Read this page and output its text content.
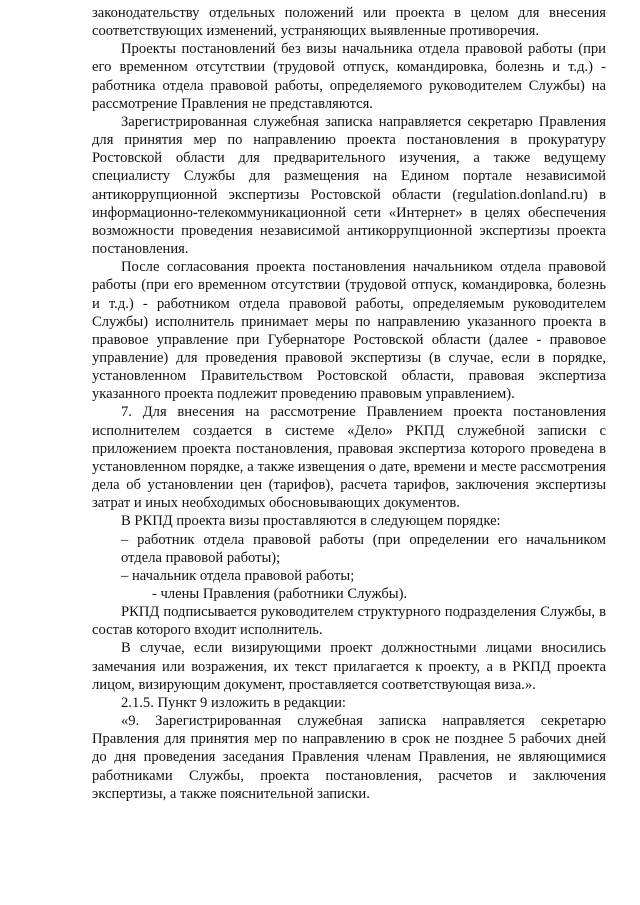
законодательству отдельных положений или проекта в целом для внесения соответствующих изменений, устраняющих выявленные противоречия.

Проекты постановлений без визы начальника отдела правовой работы (при его временном отсутствии (трудовой отпуск, командировка, болезнь и т.д.) - работника отдела правовой работы, определяемого руководителем Службы) на рассмотрение Правления не представляются.

Зарегистрированная служебная записка направляется секретарю Правления для принятия мер по направлению проекта постановления в прокуратуру Ростовской области для предварительного изучения, а также ведущему специалисту Службы для размещения на Едином портале независимой антикоррупционной экспертизы Ростовской области (regulation.donland.ru) в информационно-телекоммуникационной сети «Интернет» в целях обеспечения возможности проведения независимой антикоррупционной экспертизы проекта постановления.

После согласования проекта постановления начальником отдела правовой работы (при его временном отсутствии (трудовой отпуск, командировка, болезнь и т.д.) - работником отдела правовой работы, определяемым руководителем Службы) исполнитель принимает меры по направлению указанного проекта в правовое управление при Губернаторе Ростовской области (далее - правовое управление) для проведения правовой экспертизы (в случае, если в порядке, установленном Правительством Ростовской области, правовая экспертиза указанного проекта подлежит проведению правовым управлением).

7. Для внесения на рассмотрение Правлением проекта постановления исполнителем создается в системе «Дело» РКПД служебной записки с приложением проекта постановления, правовая экспертиза которого проведена в установленном порядке, а также извещения о дате, времени и месте рассмотрения дела об установлении цен (тарифов), расчета тарифов, заключения экспертизы затрат и иных необходимых обосновывающих документов.

В РКПД проекта визы проставляются в следующем порядке:

– работник отдела правовой работы (при определении его начальником отдела правовой работы);

– начальник отдела правовой работы;

- члены Правления (работники Службы).

РКПД подписывается руководителем структурного подразделения Службы, в состав которого входит исполнитель.

В случае, если визирующими проект должностными лицами вносились замечания или возражения, их текст прилагается к проекту, а в РКПД проекта лицом, визирующим документ, проставляется соответствующая виза.».

2.1.5. Пункт 9 изложить в редакции:

«9. Зарегистрированная служебная записка направляется секретарю Правления для принятия мер по направлению в срок не позднее 5 рабочих дней до дня проведения заседания Правления членам Правления, не являющимися работниками Службы, проекта постановления, расчетов и заключения экспертизы, а также пояснительной записки.
